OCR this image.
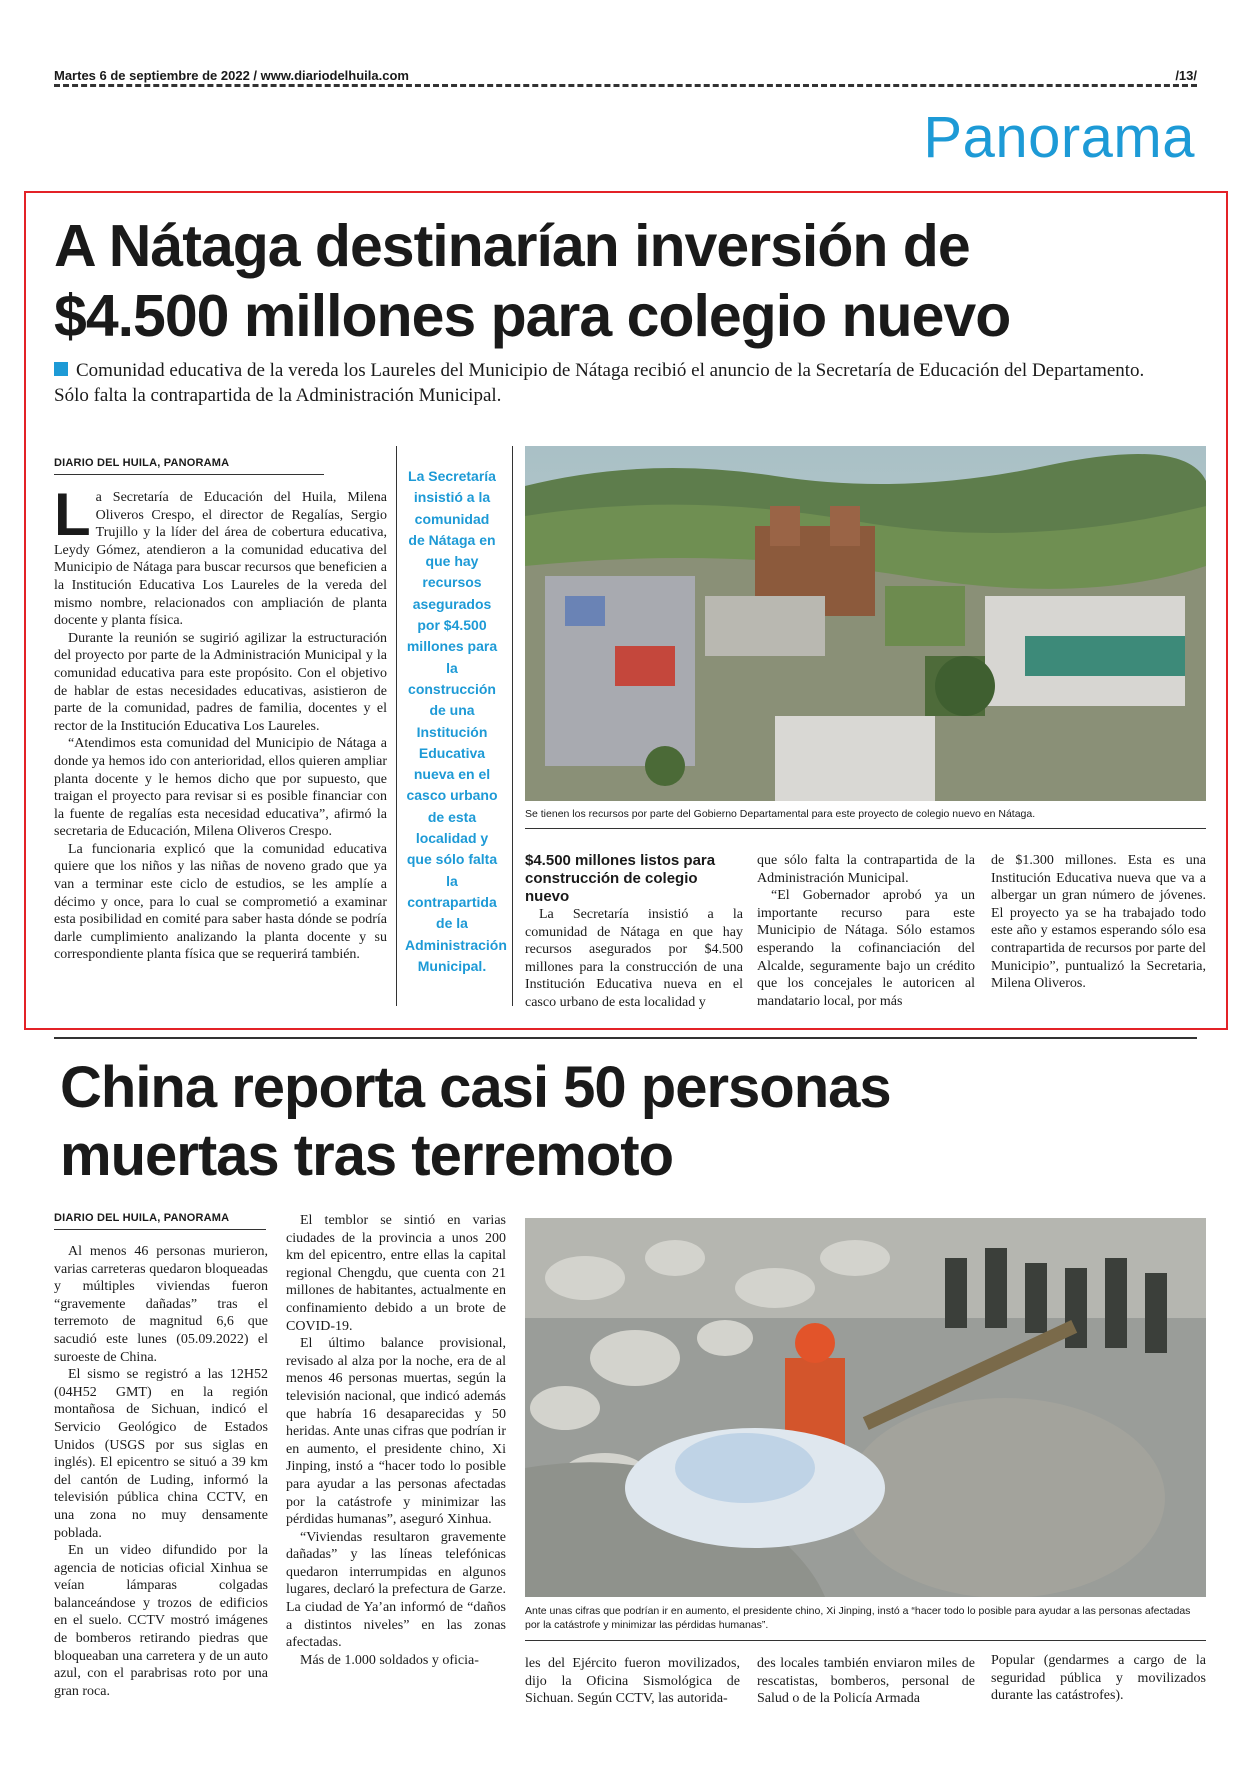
Martes 6 de septiembre de 2022 / www.diariodelhuila.com	/13/
Panorama
A Nátaga destinarían inversión de
$4.500 millones para colegio nuevo
Comunidad educativa de la vereda los Laureles del Municipio de Nátaga recibió el anuncio de la Secretaría de Educación del Departamento. Sólo falta la contrapartida de la Administración Municipal.
DIARIO DEL HUILA, PANORAMA

La Secretaría de Educación del Huila, Milena Oliveros Crespo, el director de Regalías, Sergio Trujillo y la líder del área de cobertura educativa, Leydy Gómez, atendieron a la comunidad educativa del Municipio de Nátaga para buscar recursos que beneficien a la Institución Educativa Los Laureles de la vereda del mismo nombre, relacionados con ampliación de planta docente y planta física.

Durante la reunión se sugirió agilizar la estructuración del proyecto por parte de la Administración Municipal y la comunidad educativa para este propósito. Con el objetivo de hablar de estas necesidades educativas, asistieron de parte de la comunidad, padres de familia, docentes y el rector de la Institución Educativa Los Laureles.

“Atendimos esta comunidad del Municipio de Nátaga a donde ya hemos ido con anterioridad, ellos quieren ampliar planta docente y le hemos dicho que por supuesto, que traigan el proyecto para revisar si es posible financiar con la fuente de regalías esta necesidad educativa”, afirmó la secretaria de Educación, Milena Oliveros Crespo.

La funcionaria explicó que la comunidad educativa quiere que los niños y las niñas de noveno grado que ya van a terminar este ciclo de estudios, se les amplíe a décimo y once, para lo cual se comprometió a examinar esta posibilidad en comité para saber hasta dónde se podría darle cumplimiento analizando la planta docente y su correspondiente planta física que se requerirá también.

La Secretaría insistió a la comunidad de Nátaga en que hay recursos asegurados por $4.500 millones para la construcción de una Institución Educativa nueva en el casco urbano de esta localidad y que sólo falta la contrapartida de la Administración Municipal.
Se tienen los recursos por parte del Gobierno Departamental para este proyecto de colegio nuevo en Nátaga.
$4.500 millones listos para construcción de colegio nuevo

La Secretaría insistió a la comunidad de Nátaga en que hay recursos asegurados por $4.500 millones para la construcción de una Institución Educativa nueva en el casco urbano de esta localidad y

que sólo falta la contrapartida de la Administración Municipal.

“El Gobernador aprobó ya un importante recurso para este Municipio de Nátaga. Sólo estamos esperando la cofinanciación del Alcalde, seguramente bajo un crédito que los concejales le autoricen al mandatario local, por más

de $1.300 millones. Esta es una Institución Educativa nueva que va a albergar un gran número de jóvenes. El proyecto ya se ha trabajado todo este año y estamos esperando sólo esa contrapartida de recursos por parte del Municipio”, puntualizó la Secretaria, Milena Oliveros.

China reporta casi 50 personas
muertas tras terremoto
DIARIO DEL HUILA, PANORAMA

Al menos 46 personas murieron, varias carreteras quedaron bloqueadas y múltiples viviendas fueron “gravemente dañadas” tras el terremoto de magnitud 6,6 que sacudió este lunes (05.09.2022) el suroeste de China.

El sismo se registró a las 12H52 (04H52 GMT) en la región montañosa de Sichuan, indicó el Servicio Geológico de Estados Unidos (USGS por sus siglas en inglés). El epicentro se situó a 39 km del cantón de Luding, informó la televisión pública china CCTV, en una zona no muy densamente poblada.

En un video difundido por la agencia de noticias oficial Xinhua se veían lámparas colgadas balanceándose y trozos de edificios en el suelo. CCTV mostró imágenes de bomberos retirando piedras que bloqueaban una carretera y de un auto azul, con el parabrisas roto por una gran roca.

El temblor se sintió en varias ciudades de la provincia a unos 200 km del epicentro, entre ellas la capital regional Chengdu, que cuenta con 21 millones de habitantes, actualmente en confinamiento debido a un brote de COVID-19.

El último balance provisional, revisado al alza por la noche, era de al menos 46 personas muertas, según la televisión nacional, que indicó además que habría 16 desaparecidas y 50 heridas. Ante unas cifras que podrían ir en aumento, el presidente chino, Xi Jinping, instó a “hacer todo lo posible para ayudar a las personas afectadas por la catástrofe y minimizar las pérdidas humanas”, aseguró Xinhua.

“Viviendas resultaron gravemente dañadas” y las líneas telefónicas quedaron interrumpidas en algunos lugares, declaró la prefectura de Garze. La ciudad de Ya’an informó de “daños a distintos niveles” en las zonas afectadas.

Más de 1.000 soldados y oficia-

Ante unas cifras que podrían ir en aumento, el presidente chino, Xi Jinping, instó a “hacer todo lo posible para ayudar a las personas afectadas por la catástrofe y minimizar las pérdidas humanas”.

les del Ejército fueron movilizados, dijo la Oficina Sismológica de Sichuan. Según CCTV, las autorida-

des locales también enviaron miles de rescatistas, bomberos, personal de Salud o de la Policía Armada

Popular (gendarmes a cargo de la seguridad pública y movilizados durante las catástrofes).
